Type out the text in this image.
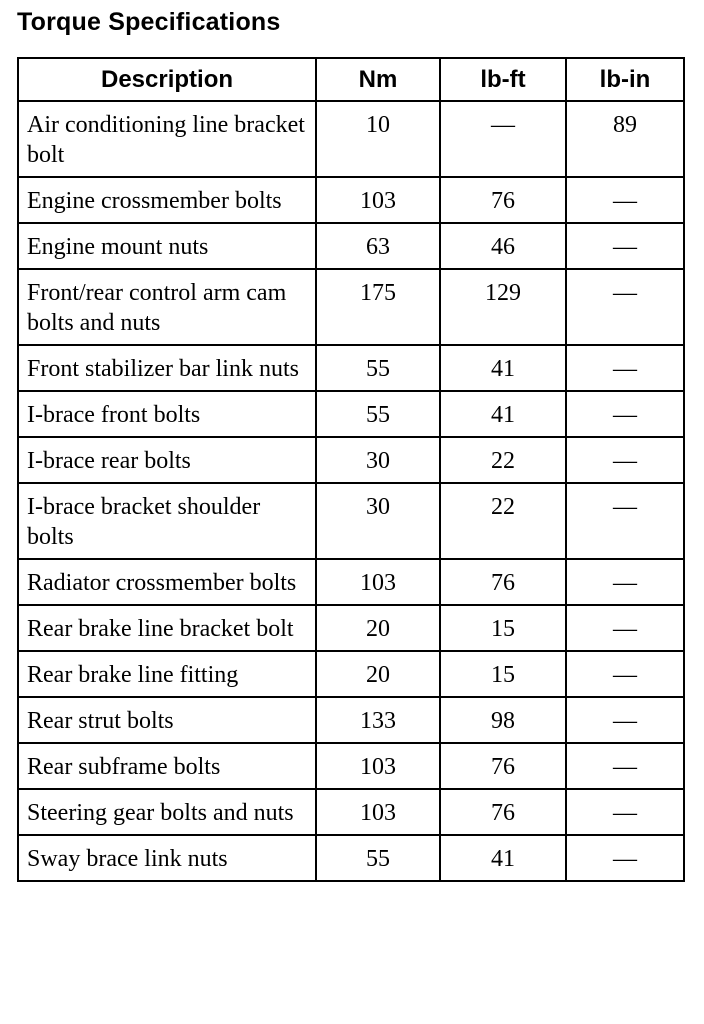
Torque Specifications
Description	Nm	lb-ft	lb-in
Air conditioning line bracket bolt	10	—	89
Engine crossmember bolts	103	76	—
Engine mount nuts	63	46	—
Front/rear control arm cam bolts and nuts	175	129	—
Front stabilizer bar link nuts	55	41	—
I-brace front bolts	55	41	—
I-brace rear bolts	30	22	—
I-brace bracket shoulder bolts	30	22	—
Radiator crossmember bolts	103	76	—
Rear brake line bracket bolt	20	15	—
Rear brake line fitting	20	15	—
Rear strut bolts	133	98	—
Rear subframe bolts	103	76	—
Steering gear bolts and nuts	103	76	—
Sway brace link nuts	55	41	—
